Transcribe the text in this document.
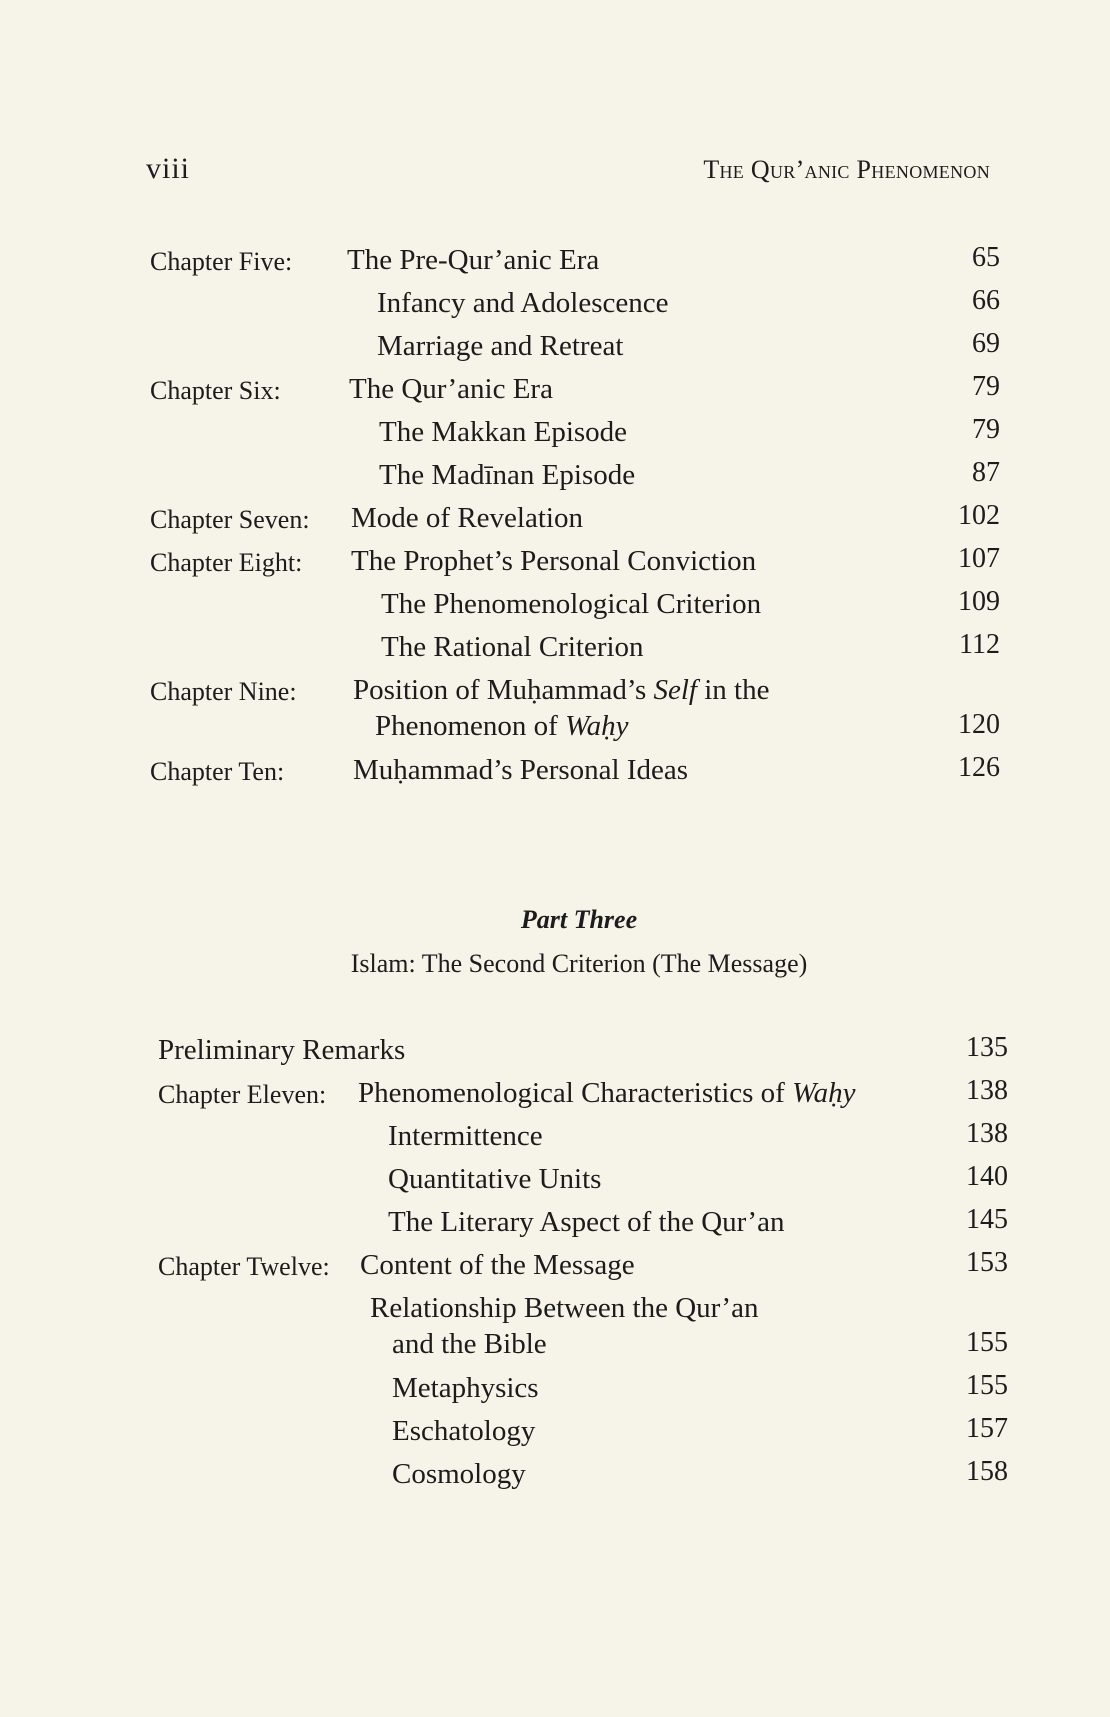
viii	The Qur’anic Phenomenon
Chapter Five: The Pre-Qur’anic Era	65
Infancy and Adolescence	66
Marriage and Retreat	69
Chapter Six: The Qur’anic Era	79
The Makkan Episode	79
The Madīnan Episode	87
Chapter Seven: Mode of Revelation	102
Chapter Eight: The Prophet’s Personal Conviction	107
The Phenomenological Criterion	109
The Rational Criterion	112
Chapter Nine: Position of Muḥammad’s Self in the
Phenomenon of Waḥy	120
Chapter Ten: Muḥammad’s Personal Ideas	126
Part Three
Islam: The Second Criterion (The Message)
Preliminary Remarks	135
Chapter Eleven: Phenomenological Characteristics of Waḥy	138
Intermittence	138
Quantitative Units	140
The Literary Aspect of the Qur’an	145
Chapter Twelve: Content of the Message	153
Relationship Between the Qur’an
and the Bible	155
Metaphysics	155
Eschatology	157
Cosmology	158
